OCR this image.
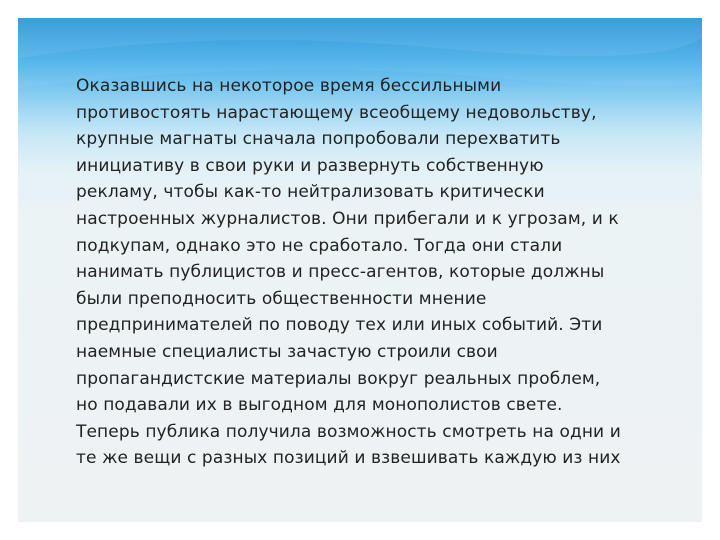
Оказавшись на некоторое время бессильными
противостоять нарастающему всеобщему недовольству,
крупные магнаты сначала попробовали перехватить
инициативу в свои руки и развернуть собственную
рекламу, чтобы как-то нейтрализовать критически
настроенных журналистов. Они прибегали и к угрозам, и к
подкупам, однако это не сработало. Тогда они стали
нанимать публицистов и пресс-агентов, которые должны
были преподносить общественности мнение
предпринимателей по поводу тех или иных событий. Эти
наемные специалисты зачастую строили свои
пропагандистские материалы вокруг реальных проблем,
но подавали их в выгодном для монополистов свете.
Теперь публика получила возможность смотреть на одни и
те же вещи с разных позиций и взвешивать каждую из них
